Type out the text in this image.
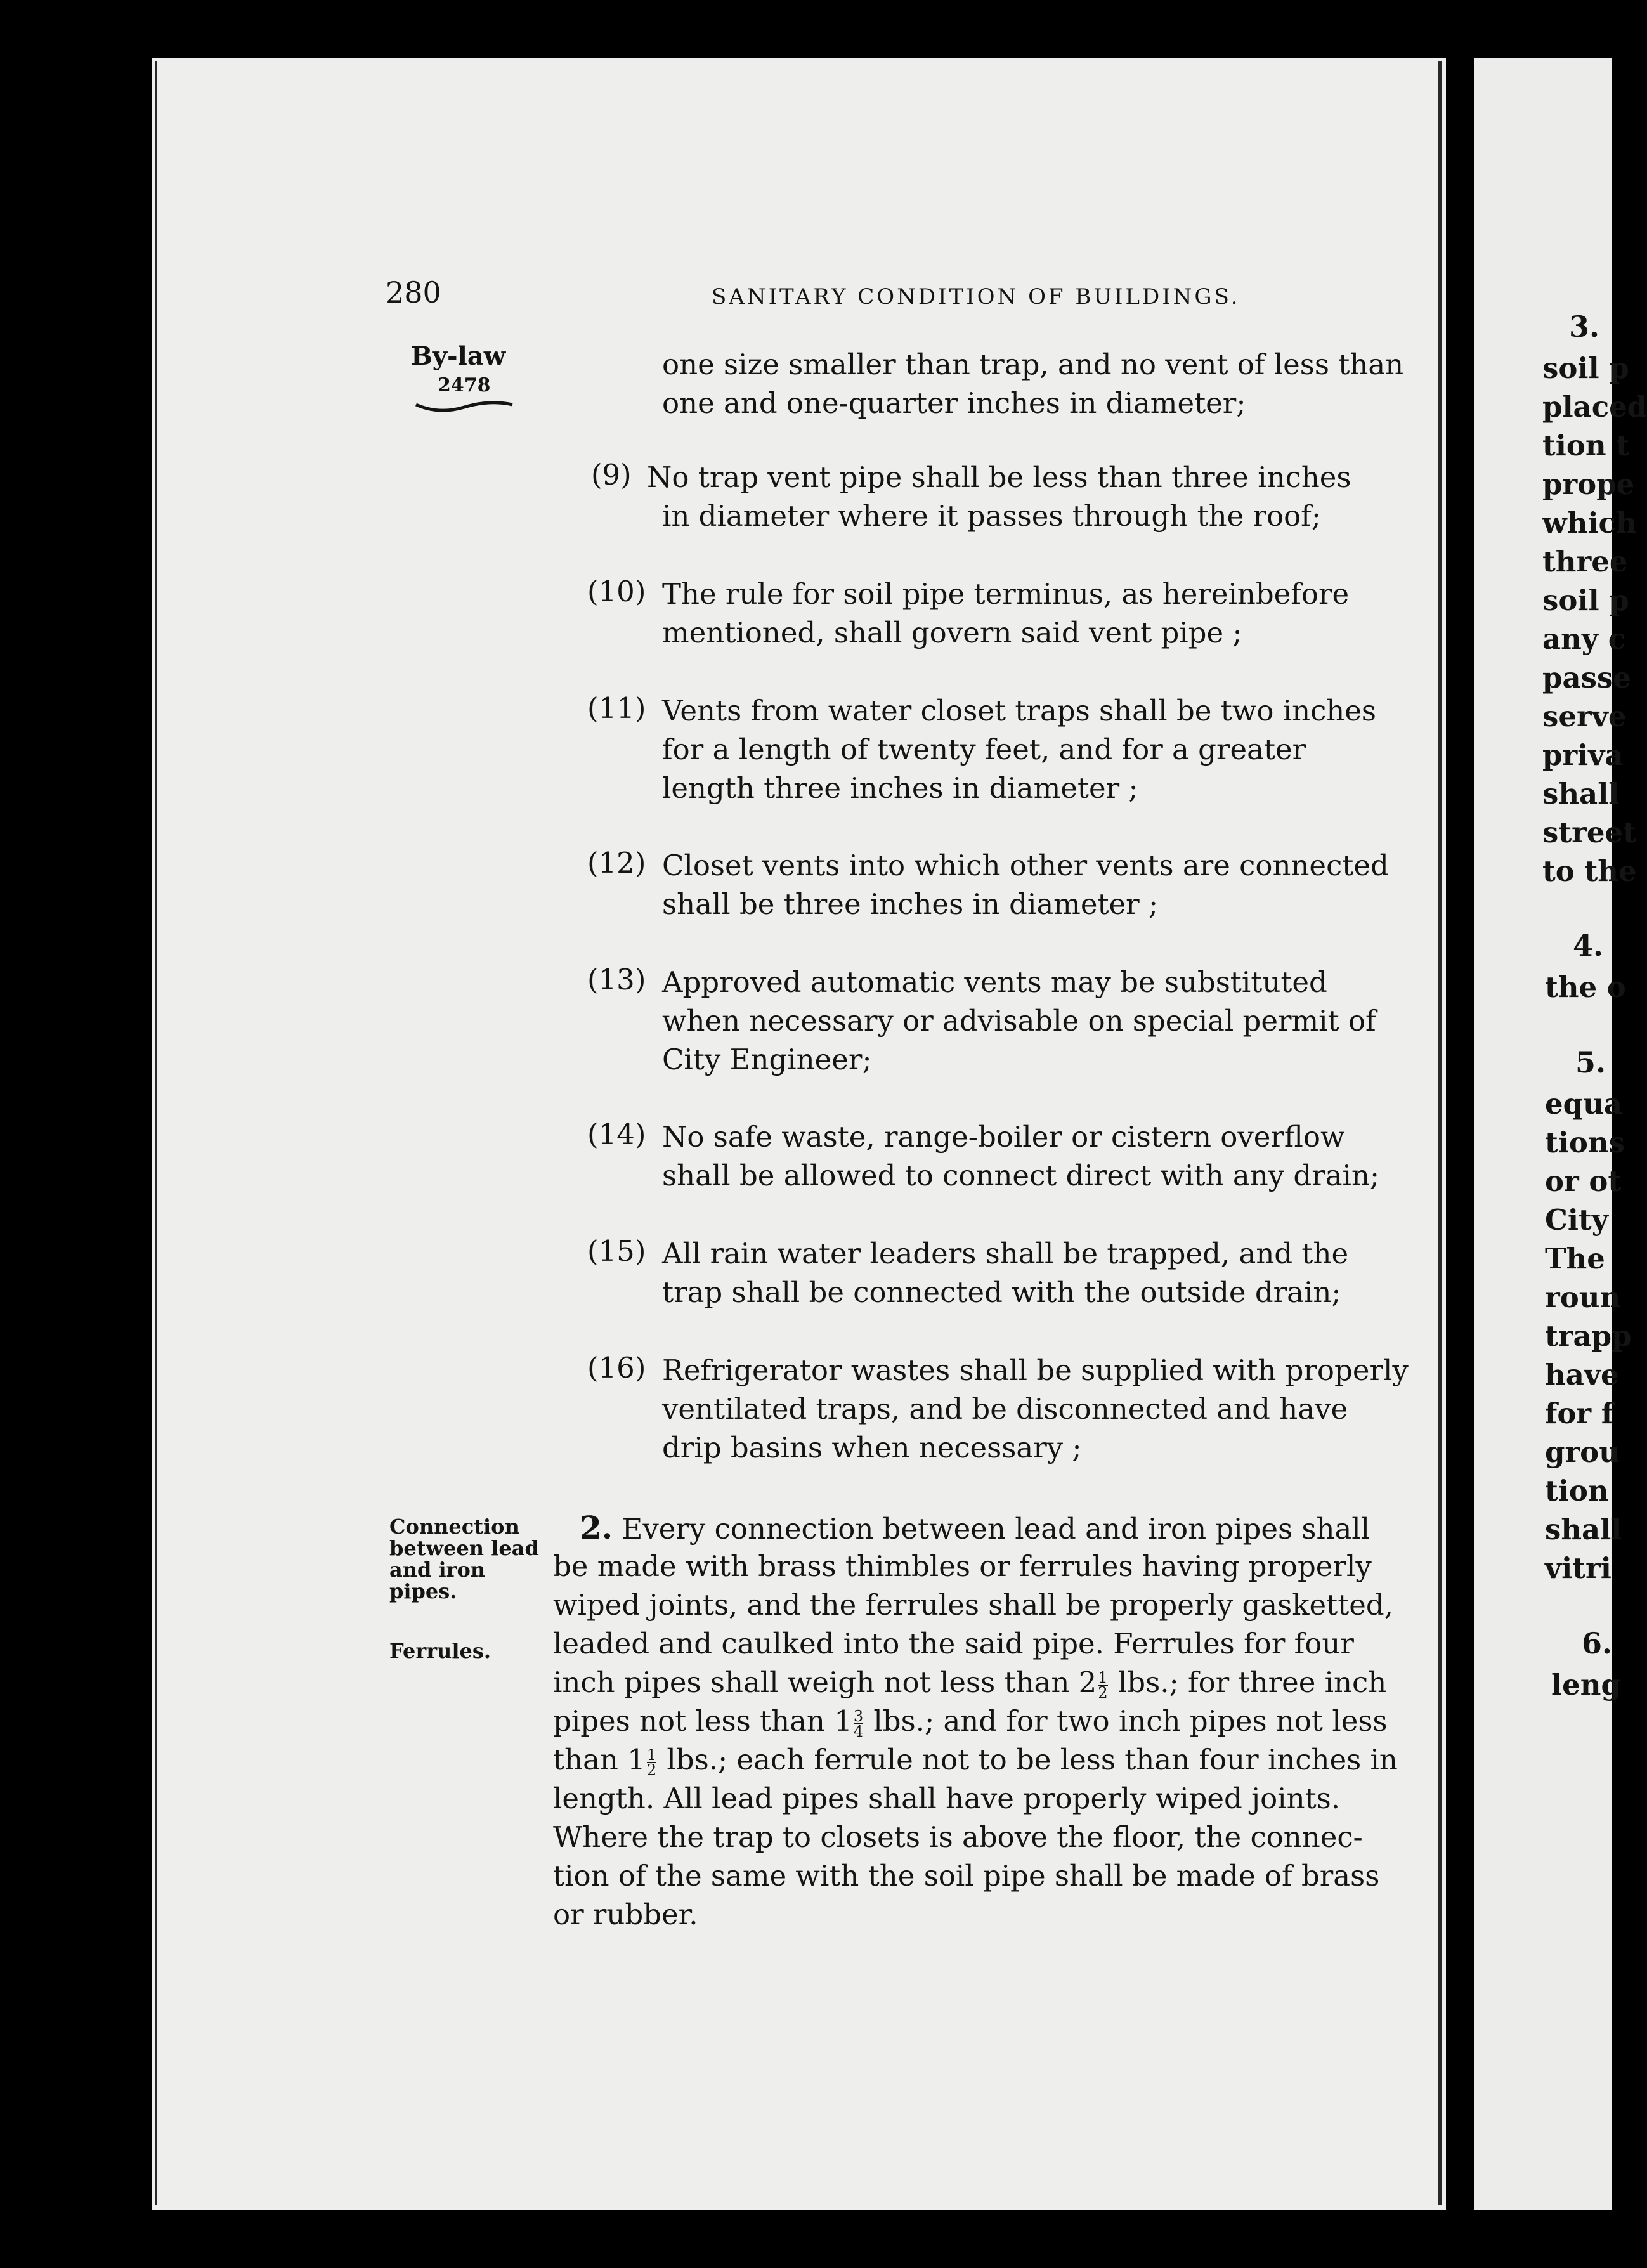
280	SANITARY CONDITION OF BUILDINGS.
By-law
2478
one size smaller than trap, and no vent of less than
one and one-quarter inches in diameter;
(9) No trap vent pipe shall be less than three inches
in diameter where it passes through the roof;
(10) The rule for soil pipe terminus, as hereinbefore
mentioned, shall govern said vent pipe ;
(11) Vents from water closet traps shall be two inches
for a length of twenty feet, and for a greater
length three inches in diameter ;
(12) Closet vents into which other vents are connected
shall be three inches in diameter ;
(13) Approved automatic vents may be substituted
when necessary or advisable on special permit of
City Engineer;
(14) No safe waste, range-boiler or cistern overflow
shall be allowed to connect direct with any drain;
(15) All rain water leaders shall be trapped, and the
trap shall be connected with the outside drain;
(16) Refrigerator wastes shall be supplied with properly
ventilated traps, and be disconnected and have
drip basins when necessary ;
Connection
between lead
and iron
pipes.
Ferrules.
2. Every connection between lead and iron pipes shall
be made with brass thimbles or ferrules having properly
wiped joints, and the ferrules shall be properly gasketted,
leaded and caulked into the said pipe. Ferrules for four
inch pipes shall weigh not less than $2 \frac{1}{2}$ lbs.; for three inch
pipes not less than $1 \frac{3}{4}$ lbs.; and for two inch pipes not less
than $1 \frac{1}{2}$ lbs.; each ferrule not to be less than four inches in
length. All lead pipes shall have properly wiped joints.
Where the trap to closets is above the floor, the connec-
tion of the same with the soil pipe shall be made of brass
or rubber.
3.
soil p
placed
tion t
prope
which
three
soil p
any c
passe
serve
priva
shall
street
to the
4.
the o
5.
equa
tions
or ot
City
The
roun
trapp
have
for f
grou
tion
shall
vitri
6.
leng
